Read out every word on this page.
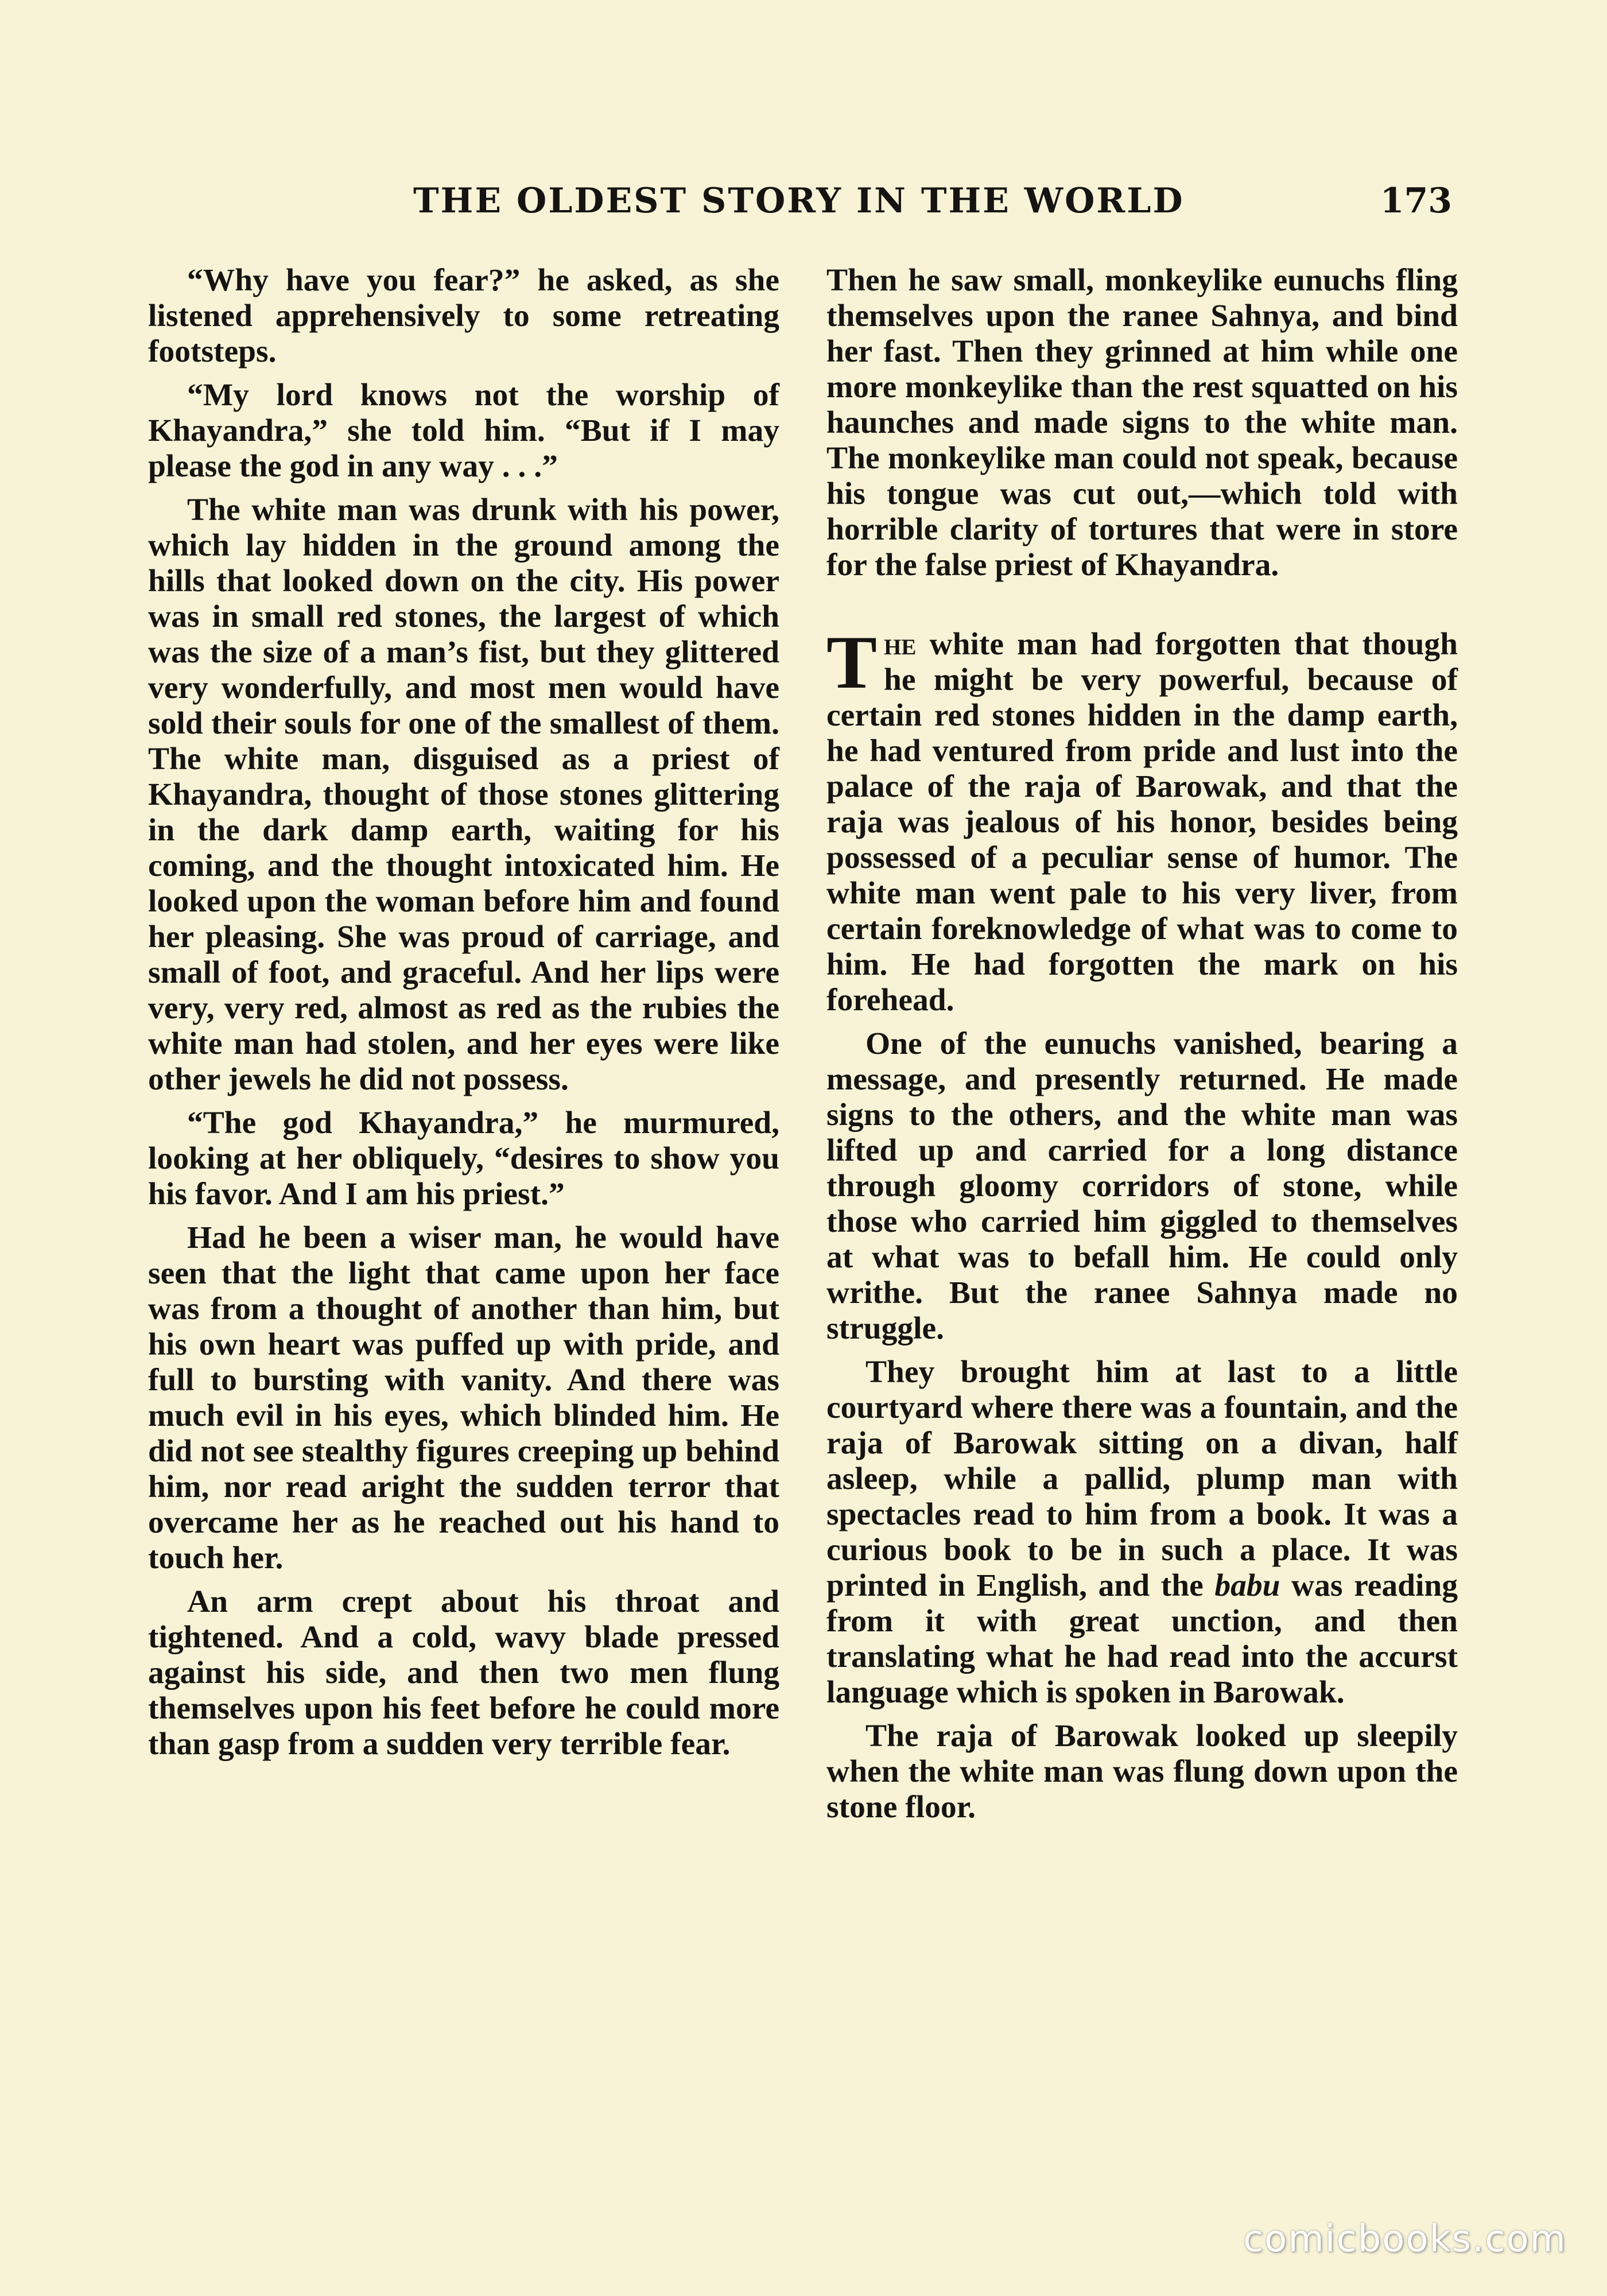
THE OLDEST STORY IN THE WORLD	173

“Why have you fear?” he asked, as she listened apprehensively to some retreating footsteps.

“My lord knows not the worship of Khayandra,” she told him. “But if I may please the god in any way . . .”

The white man was drunk with his power, which lay hidden in the ground among the hills that looked down on the city. His power was in small red stones, the largest of which was the size of a man’s fist, but they glittered very wonderfully, and most men would have sold their souls for one of the smallest of them. The white man, disguised as a priest of Khayandra, thought of those stones glittering in the dark damp earth, waiting for his coming, and the thought intoxicated him. He looked upon the woman before him and found her pleasing. She was proud of carriage, and small of foot, and graceful. And her lips were very, very red, almost as red as the rubies the white man had stolen, and her eyes were like other jewels he did not possess.

“The god Khayandra,” he murmured, looking at her obliquely, “desires to show you his favor. And I am his priest.”

Had he been a wiser man, he would have seen that the light that came upon her face was from a thought of another than him, but his own heart was puffed up with pride, and full to bursting with vanity. And there was much evil in his eyes, which blinded him. He did not see stealthy figures creeping up behind him, nor read aright the sudden terror that overcame her as he reached out his hand to touch her.

An arm crept about his throat and tightened. And a cold, wavy blade pressed against his side, and then two men flung themselves upon his feet before he could more than gasp from a sudden very terrible fear.

Then he saw small, monkeylike eunuchs fling themselves upon the ranee Sahnya, and bind her fast. Then they grinned at him while one more monkeylike than the rest squatted on his haunches and made signs to the white man. The monkeylike man could not speak, because his tongue was cut out,—which told with horrible clarity of tortures that were in store for the false priest of Khayandra.

The white man had forgotten that though he might be very powerful, because of certain red stones hidden in the damp earth, he had ventured from pride and lust into the palace of the raja of Barowak, and that the raja was jealous of his honor, besides being possessed of a peculiar sense of humor. The white man went pale to his very liver, from certain foreknowledge of what was to come to him. He had forgotten the mark on his forehead.

One of the eunuchs vanished, bearing a message, and presently returned. He made signs to the others, and the white man was lifted up and carried for a long distance through gloomy corridors of stone, while those who carried him giggled to themselves at what was to befall him. He could only writhe. But the ranee Sahnya made no struggle.

They brought him at last to a little courtyard where there was a fountain, and the raja of Barowak sitting on a divan, half asleep, while a pallid, plump man with spectacles read to him from a book. It was a curious book to be in such a place. It was printed in English, and the babu was reading from it with great unction, and then translating what he had read into the accurst language which is spoken in Barowak.

The raja of Barowak looked up sleepily when the white man was flung down upon the stone floor.

comicbooks.com
